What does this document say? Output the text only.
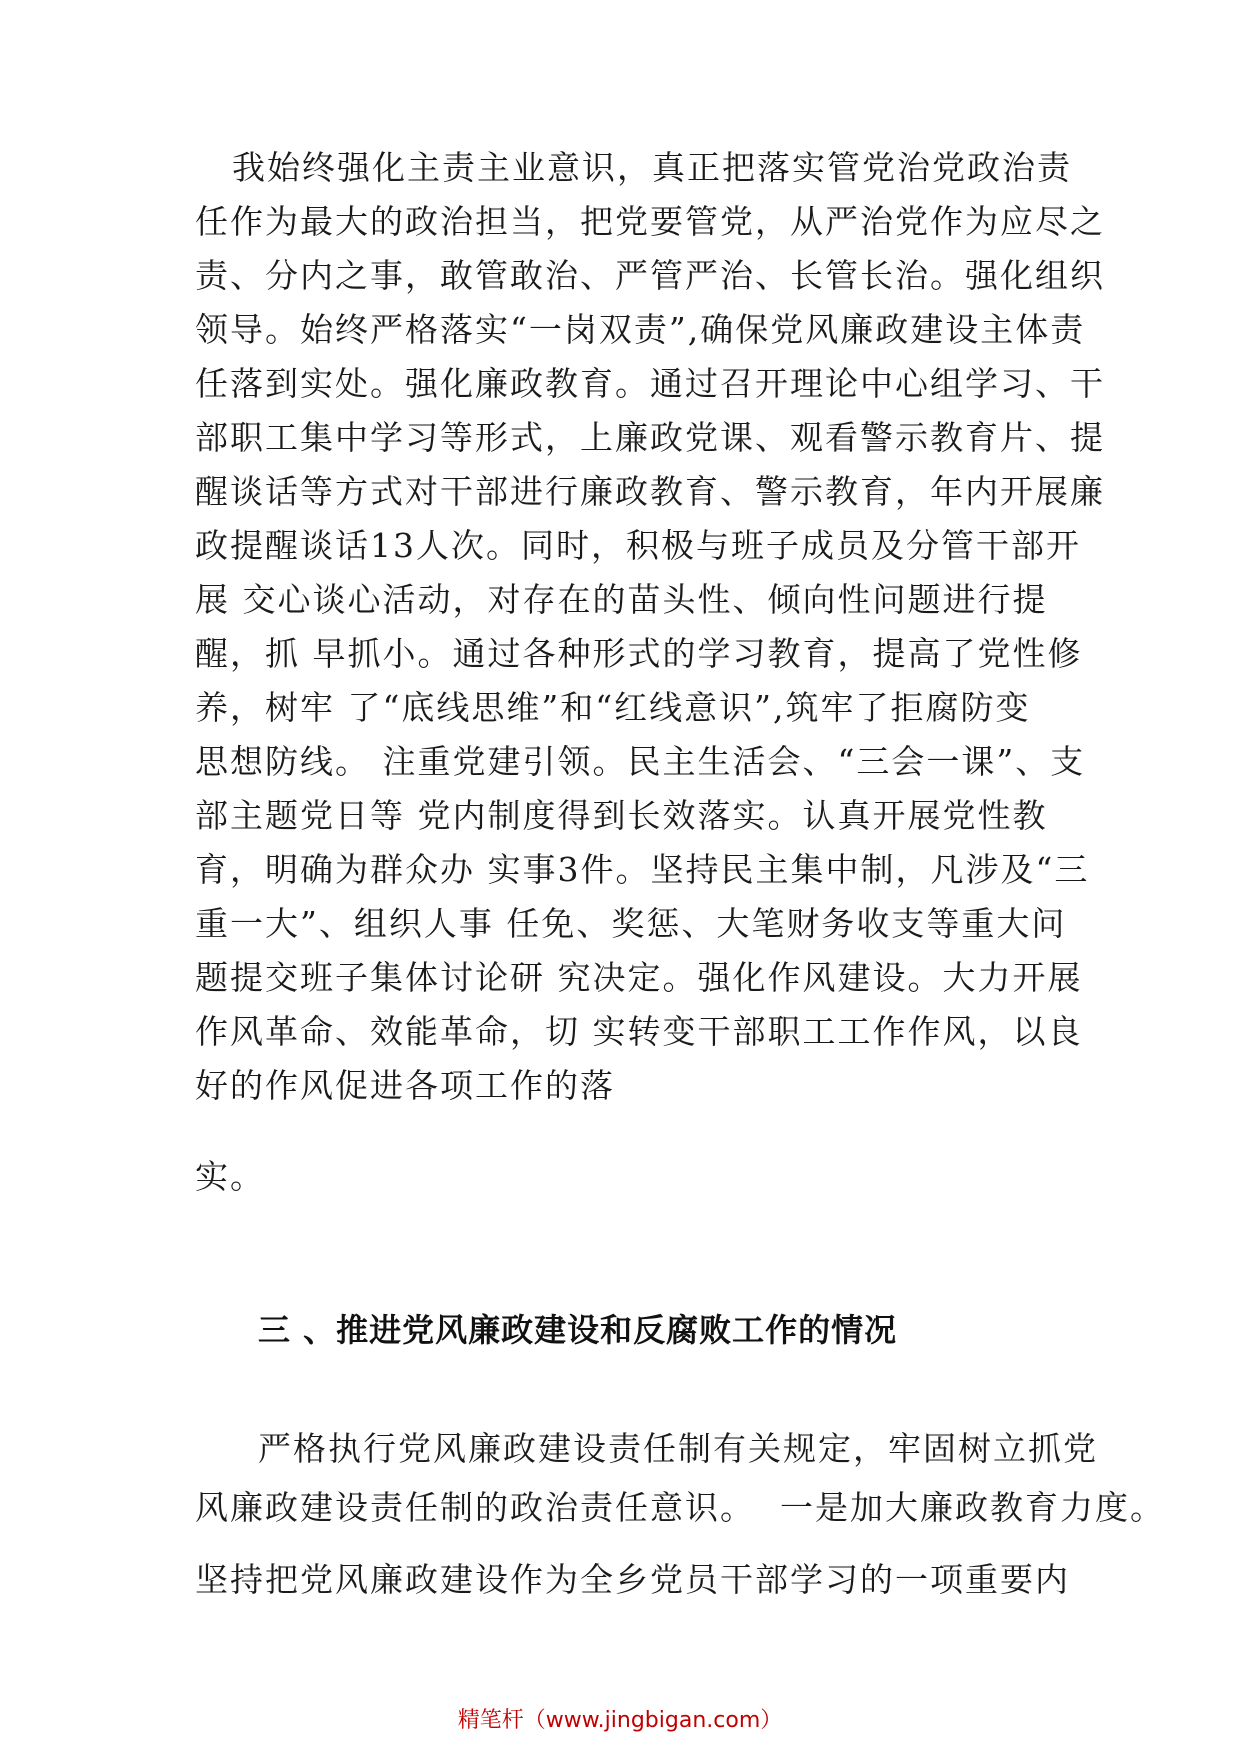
我始终强化主责主业意识，真正把落实管党治党政治责
任作为最大的政治担当，把党要管党，从严治党作为应尽之
责、分内之事，敢管敢治、严管严治、长管长治。强化组织
领导。始终严格落实“一岗双责”,确保党风廉政建设主体责
任落到实处。强化廉政教育。通过召开理论中心组学习、干
部职工集中学习等形式，上廉政党课、观看警示教育片、提
醒谈话等方式对干部进行廉政教育、警示教育，年内开展廉
政提醒谈话13人次。同时，积极与班子成员及分管干部开
展 交心谈心活动，对存在的苗头性、倾向性问题进行提
醒，抓 早抓小。通过各种形式的学习教育，提高了党性修
养，树牢 了“底线思维”和“红线意识”,筑牢了拒腐防变
思想防线。 注重党建引领。民主生活会、“三会一课”、支
部主题党日等 党内制度得到长效落实。认真开展党性教
育，明确为群众办 实事3件。坚持民主集中制，凡涉及“三
重一大”、组织人事 任免、奖惩、大笔财务收支等重大问
题提交班子集体讨论研 究决定。强化作风建设。大力开展
作风革命、效能革命，切 实转变干部职工工作作风，以良
好的作风促进各项工作的落
实。
三 、推进党风廉政建设和反腐败工作的情况
严格执行党风廉政建设责任制有关规定，牢固树立抓党
风廉政建设责任制的政治责任意识。  一是加大廉政教育力度。
坚持把党风廉政建设作为全乡党员干部学习的一项重要内
精笔杆（www.jingbigan.com）
